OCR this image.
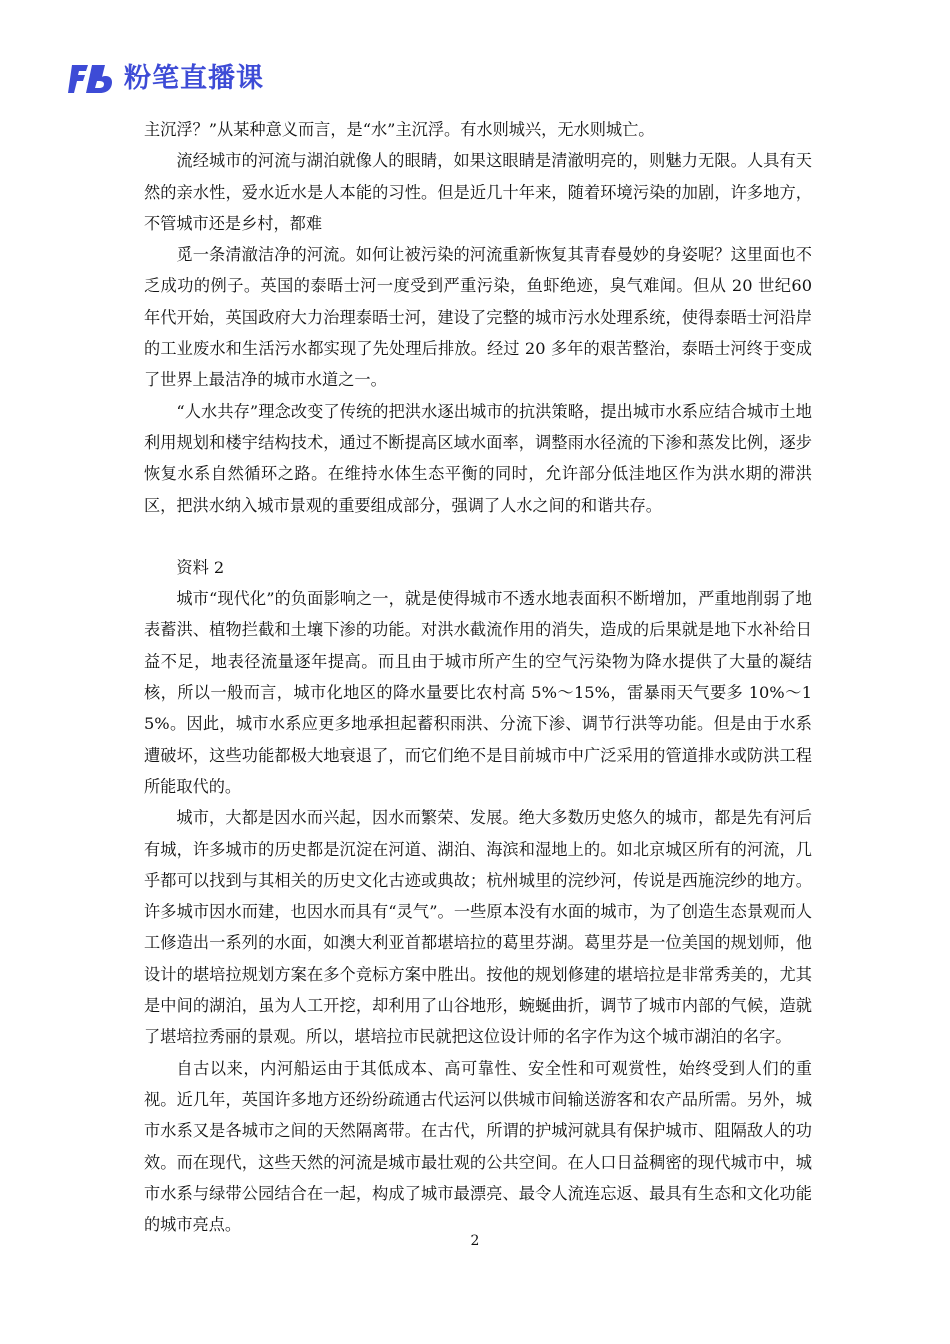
粉笔直播课

主沉浮？”从某种意义而言，是“水”主沉浮。有水则城兴，无水则城亡。

流经城市的河流与湖泊就像人的眼睛，如果这眼睛是清澈明亮的，则魅力无限。人具有天然的亲水性，爱水近水是人本能的习性。但是近几十年来，随着环境污染的加剧，许多地方，不管城市还是乡村，都难

觅一条清澈洁净的河流。如何让被污染的河流重新恢复其青春曼妙的身姿呢？这里面也不乏成功的例子。英国的泰晤士河一度受到严重污染，鱼虾绝迹，臭气难闻。但从 20 世纪60 年代开始，英国政府大力治理泰晤士河，建设了完整的城市污水处理系统，使得泰晤士河沿岸的工业废水和生活污水都实现了先处理后排放。经过 20 多年的艰苦整治，泰晤士河终于变成了世界上最洁净的城市水道之一。

“人水共存”理念改变了传统的把洪水逐出城市的抗洪策略，提出城市水系应结合城市土地利用规划和楼宇结构技术，通过不断提高区域水面率，调整雨水径流的下渗和蒸发比例，逐步恢复水系自然循环之路。在维持水体生态平衡的同时，允许部分低洼地区作为洪水期的滞洪区，把洪水纳入城市景观的重要组成部分，强调了人水之间的和谐共存。

资料 2

城市“现代化”的负面影响之一，就是使得城市不透水地表面积不断增加，严重地削弱了地表蓄洪、植物拦截和土壤下渗的功能。对洪水截流作用的消失，造成的后果就是地下水补给日益不足，地表径流量逐年提高。而且由于城市所产生的空气污染物为降水提供了大量的凝结核，所以一般而言，城市化地区的降水量要比农村高 5%～15%，雷暴雨天气要多 10%～15%。因此，城市水系应更多地承担起蓄积雨洪、分流下渗、调节行洪等功能。但是由于水系遭破坏，这些功能都极大地衰退了，而它们绝不是目前城市中广泛采用的管道排水或防洪工程所能取代的。

城市，大都是因水而兴起，因水而繁荣、发展。绝大多数历史悠久的城市，都是先有河后有城，许多城市的历史都是沉淀在河道、湖泊、海滨和湿地上的。如北京城区所有的河流，几乎都可以找到与其相关的历史文化古迹或典故；杭州城里的浣纱河，传说是西施浣纱的地方。许多城市因水而建，也因水而具有“灵气”。一些原本没有水面的城市，为了创造生态景观而人工修造出一系列的水面，如澳大利亚首都堪培拉的葛里芬湖。葛里芬是一位美国的规划师，他设计的堪培拉规划方案在多个竞标方案中胜出。按他的规划修建的堪培拉是非常秀美的，尤其是中间的湖泊，虽为人工开挖，却利用了山谷地形，蜿蜒曲折，调节了城市内部的气候，造就了堪培拉秀丽的景观。所以，堪培拉市民就把这位设计师的名字作为这个城市湖泊的名字。

自古以来，内河船运由于其低成本、高可靠性、安全性和可观赏性，始终受到人们的重视。近几年，英国许多地方还纷纷疏通古代运河以供城市间输送游客和农产品所需。另外，城市水系又是各城市之间的天然隔离带。在古代，所谓的护城河就具有保护城市、阻隔敌人的功效。而在现代，这些天然的河流是城市最壮观的公共空间。在人口日益稠密的现代城市中，城市水系与绿带公园结合在一起，构成了城市最漂亮、最令人流连忘返、最具有生态和文化功能的城市亮点。

2
